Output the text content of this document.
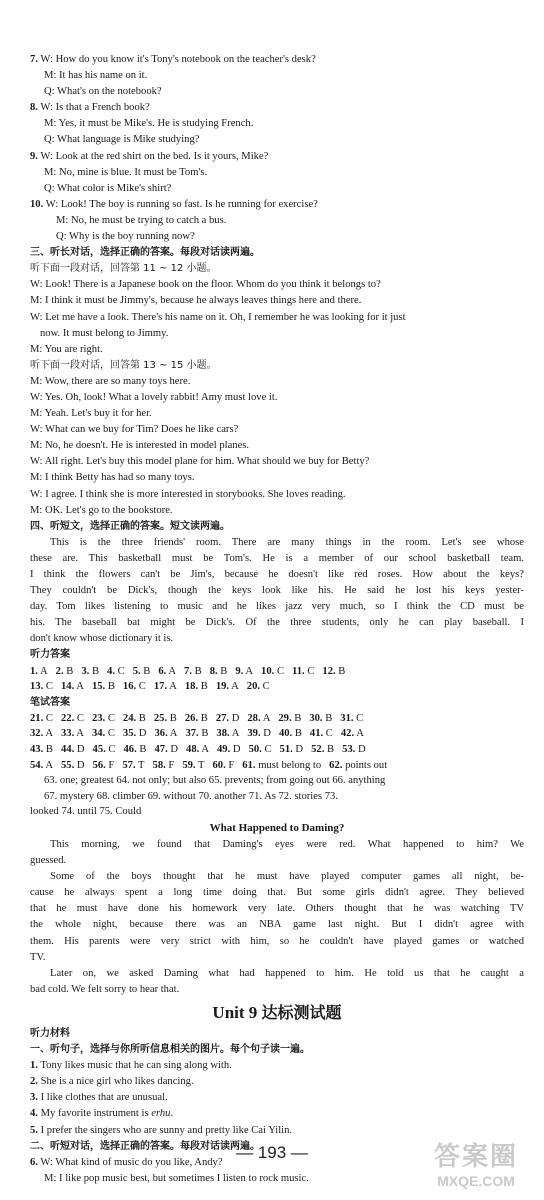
7. W: How do you know it's Tony's notebook on the teacher's desk?
M: It has his name on it.
Q: What's on the notebook?
8. W: Is that a French book?
M: Yes, it must be Mike's. He is studying French.
Q: What language is Mike studying?
9. W: Look at the red shirt on the bed. Is it yours, Mike?
M: No, mine is blue. It must be Tom's.
Q: What color is Mike's shirt?
10. W: Look! The boy is running so fast. Is he running for exercise?
M: No, he must be trying to catch a bus.
Q: Why is the boy running now?
三、听长对话，选择正确的答案。每段对话读两遍。
听下面一段对话，回答第 11 ~ 12 小题。
W: Look! There is a Japanese book on the floor. Whom do you think it belongs to?
M: I think it must be Jimmy's, because he always leaves things here and there.
W: Let me have a look. There's his name on it. Oh, I remember he was looking for it just
now. It must belong to Jimmy.
M: You are right.
听下面一段对话，回答第 13 ~ 15 小题。
M: Wow, there are so many toys here.
W: Yes. Oh, look! What a lovely rabbit! Amy must love it.
M: Yeah. Let's buy it for her.
W: What can we buy for Tim? Does he like cars?
M: No, he doesn't. He is interested in model planes.
W: All right. Let's buy this model plane for him. What should we buy for Betty?
M: I think Betty has had so many toys.
W: I agree. I think she is more interested in storybooks. She loves reading.
M: OK. Let's go to the bookstore.
四、听短文，选择正确的答案。短文读两遍。
This is the three friends' room. There are many things in the room. Let's see whose
these are. This basketball must be Tom's. He is a member of our school basketball team.
I think the flowers can't be Jim's, because he doesn't like red roses. How about the keys?
They couldn't be Dick's, though the keys look like his. He said he lost his keys yester-
day. Tom likes listening to music and he likes jazz very much, so I think the CD must be
his. The baseball bat might be Dick's. Of the three students, only he can play baseball. I
don't know whose dictionary it is.
听力答案
1. A 2. B 3. B 4. C 5. B 6. A 7. B 8. B 9. A 10. C 11. C 12. B
13. C 14. A 15. B 16. C 17. A 18. B 19. A 20. C
笔试答案
21. C 22. C 23. C 24. B 25. B 26. B 27. D 28. A 29. B 30. B 31. C
32. A 33. A 34. C 35. D 36. A 37. B 38. A 39. D 40. B 41. C 42. A
43. B 44. D 45. C 46. B 47. D 48. A 49. D 50. C 51. D 52. B 53. D
54. A 55. D 56. F 57. T 58. F 59. T 60. F 61. must belong to 62. points out
63. one; greatest 64. not only; but also 65. prevents; from going out 66. anything
67. mystery 68. climber 69. without 70. another 71. As 72. stories 73.
looked 74. until 75. Could
What Happened to Daming?
This morning, we found that Daming's eyes were red. What happened to him? We
guessed.
Some of the boys thought that he must have played computer games all night, be-
cause he always spent a long time doing that. But some girls didn't agree. They believed
that he must have done his homework very late. Others thought that he was watching TV
the whole night, because there was an NBA game last night. But I didn't agree with
them. His parents were very strict with him, so he couldn't have played games or watched
TV.
Later on, we asked Daming what had happened to him. He told us that he caught a
bad cold. We felt sorry to hear that.
Unit 9 达标测试题
听力材料
一、听句子，选择与你所听信息相关的图片。每个句子读一遍。
1. Tony likes music that he can sing along with.
2. She is a nice girl who likes dancing.
3. I like clothes that are unusual.
4. My favorite instrument is erhu.
5. I prefer the singers who are sunny and pretty like Cai Yilin.
二、听短对话，选择正确的答案。每段对话读两遍。
6. W: What kind of music do you like, Andy?
M: I like pop music best, but sometimes I listen to rock music.
— 193 —	答案圈
MXQE.COM
